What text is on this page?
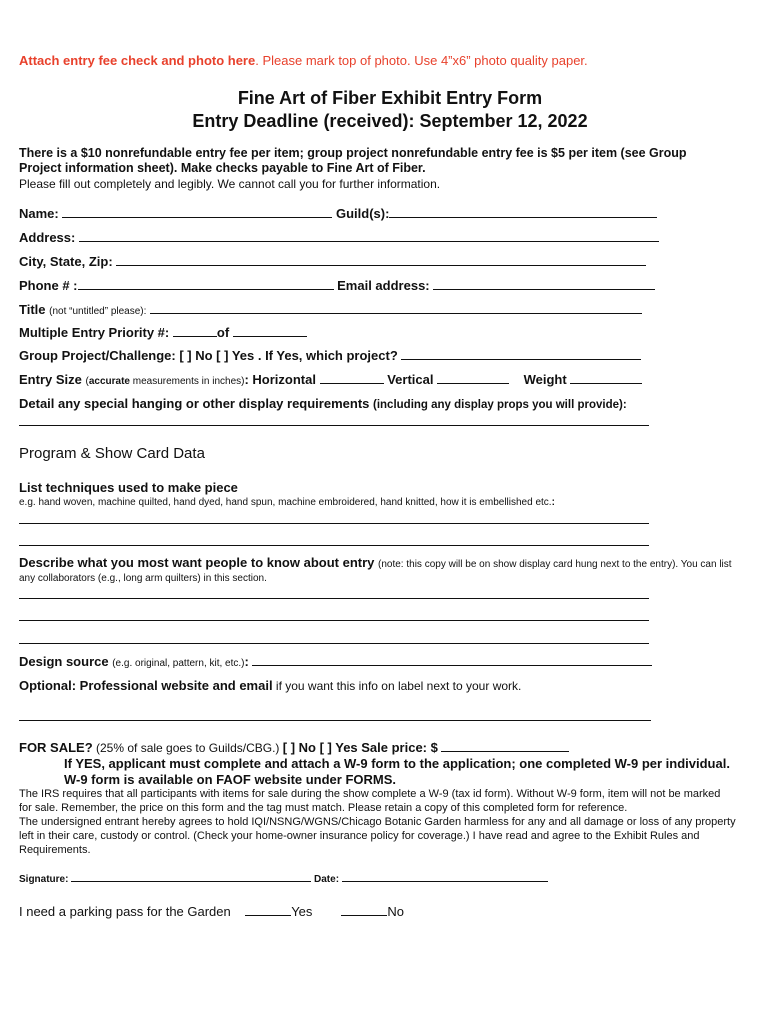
Attach entry fee check and photo here. Please mark top of photo. Use 4”x6” photo quality paper.
Fine Art of Fiber Exhibit Entry Form
Entry Deadline (received): September 12, 2022
There is a $10 nonrefundable entry fee per item; group project nonrefundable entry fee is $5 per item (see Group
Project information sheet). Make checks payable to Fine Art of Fiber.
Please fill out completely and legibly. We cannot call you for further information.
Name:	Guild(s):
Address:
City, State, Zip:
Phone # :	Email address:
Title (not “untitled” please):
Multiple Entry Priority #:	of
Group Project/Challenge: [ ] No [ ] Yes . If Yes, which project?
Entry Size (accurate measurements in inches): Horizontal	Vertical	Weight
Detail any special hanging or other display requirements (including any display props you will provide):
Program & Show Card Data
List techniques used to make piece
e.g. hand woven, machine quilted, hand dyed, hand spun, machine embroidered, hand knitted, how it is embellished etc.:
Describe what you most want people to know about entry (note: this copy will be on show display card hung next to the entry). You can list
any collaborators (e.g., long arm quilters) in this section.
Design source (e.g. original, pattern, kit, etc.):
Optional: Professional website and email if you want this info on label next to your work.
FOR SALE? (25% of sale goes to Guilds/CBG.) [ ] No [ ] Yes Sale price: $
If YES, applicant must complete and attach a W-9 form to the application; one completed W-9 per individual.
W-9 form is available on FAOF website under FORMS.
The IRS requires that all participants with items for sale during the show complete a W-9 (tax id form). Without W-9 form, item will not be marked
for sale. Remember, the price on this form and the tag must match. Please retain a copy of this completed form for reference.
The undersigned entrant hereby agrees to hold IQI/NSNG/WGNS/Chicago Botanic Garden harmless for any and all damage or loss of any property
left in their care, custody or control. (Check your home-owner insurance policy for coverage.) I have read and agree to the Exhibit Rules and
Requirements.
Signature:	Date:
I need a parking pass for the Garden	Yes	No
